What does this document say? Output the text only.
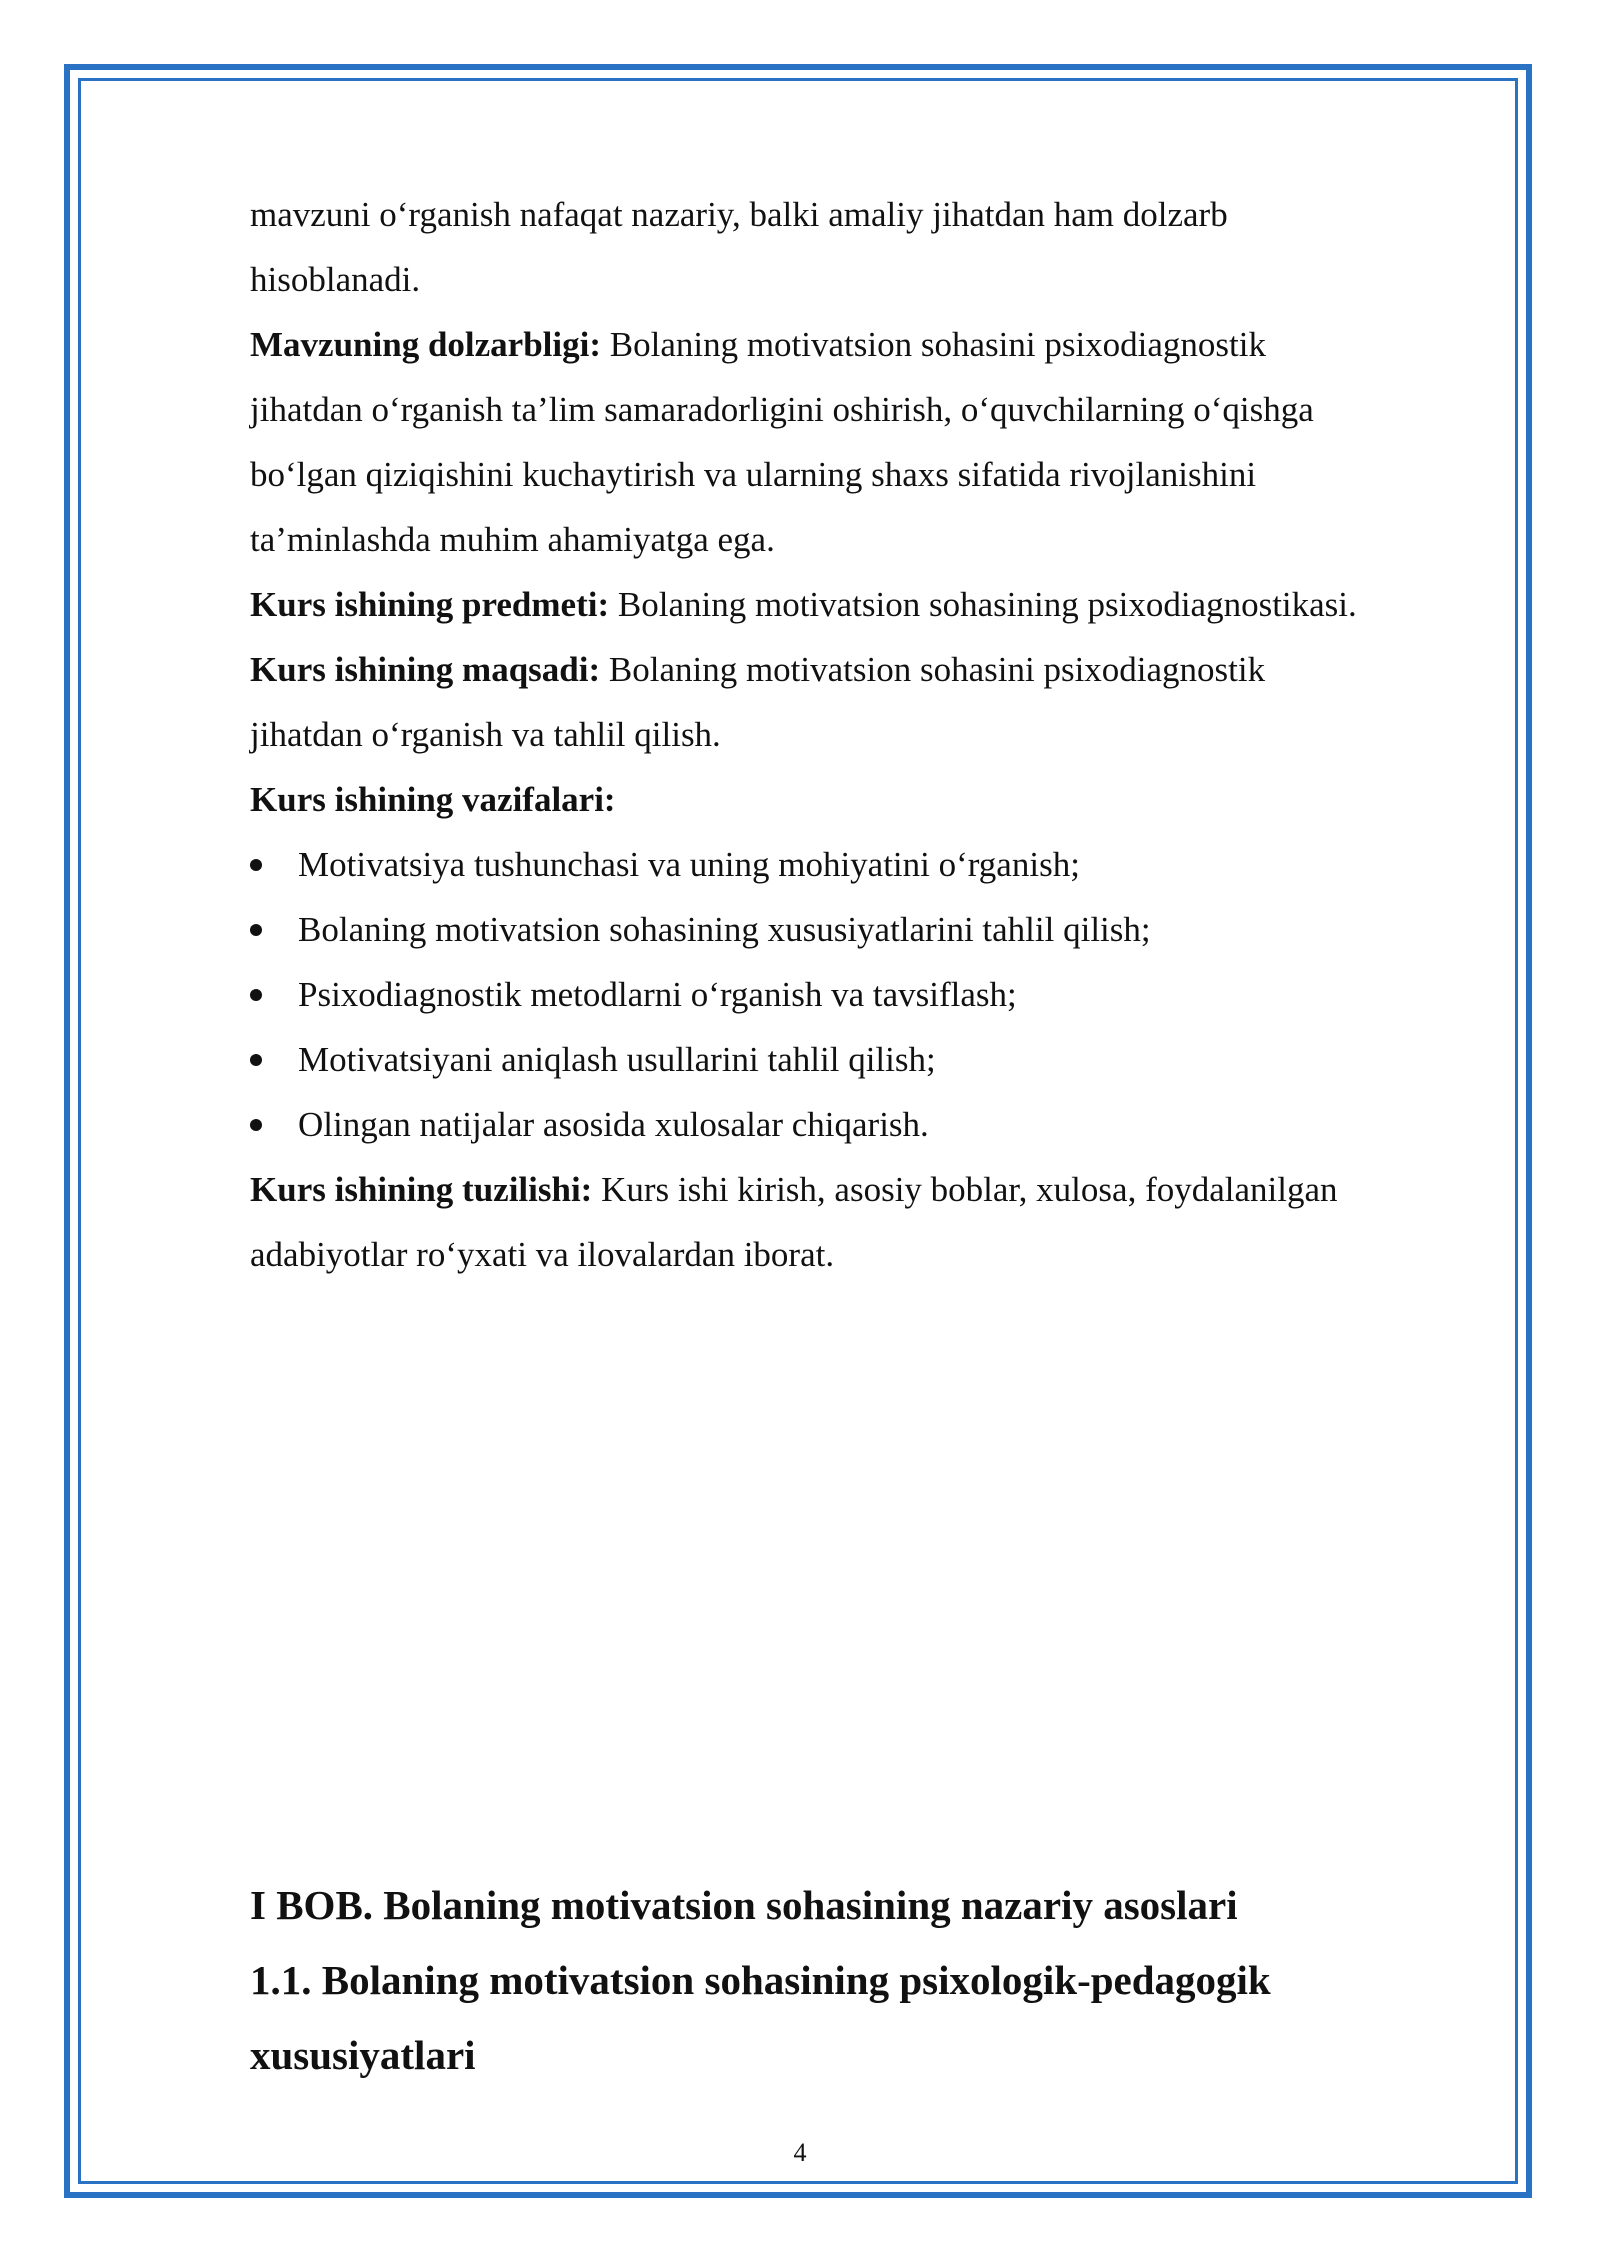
mavzuni o‘rganish nafaqat nazariy, balki amaliy jihatdan ham dolzarb

hisoblanadi.

Mavzuning dolzarbligi: Bolaning motivatsion sohasini psixodiagnostik

jihatdan o‘rganish ta’lim samaradorligini oshirish, o‘quvchilarning o‘qishga

bo‘lgan qiziqishini kuchaytirish va ularning shaxs sifatida rivojlanishini

ta’minlashda muhim ahamiyatga ega.

Kurs ishining predmeti: Bolaning motivatsion sohasining psixodiagnostikasi.

Kurs ishining maqsadi: Bolaning motivatsion sohasini psixodiagnostik

jihatdan o‘rganish va tahlil qilish.

Kurs ishining vazifalari:

Motivatsiya tushunchasi va uning mohiyatini o‘rganish;
Bolaning motivatsion sohasining xususiyatlarini tahlil qilish;
Psixodiagnostik metodlarni o‘rganish va tavsiflash;
Motivatsiyani aniqlash usullarini tahlil qilish;
Olingan natijalar asosida xulosalar chiqarish.

Kurs ishining tuzilishi: Kurs ishi kirish, asosiy boblar, xulosa, foydalanilgan

adabiyotlar ro‘yxati va ilovalardan iborat.

I BOB. Bolaning motivatsion sohasining nazariy asoslari

1.1. Bolaning motivatsion sohasining psixologik-pedagogik

xususiyatlari

4
